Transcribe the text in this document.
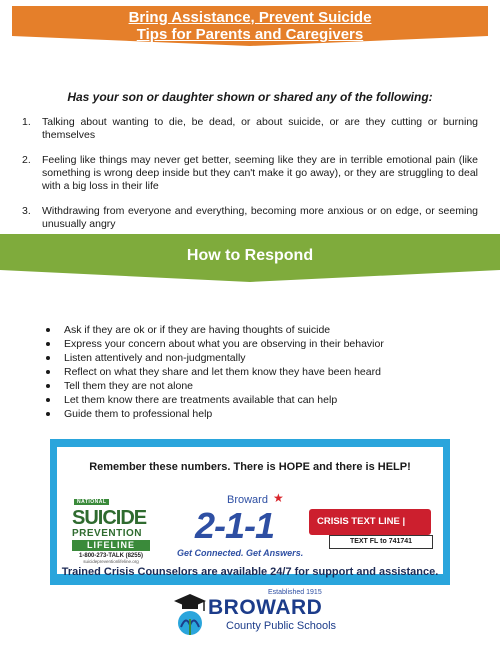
Bring Assistance, Prevent Suicide
Tips for Parents and Caregivers
Has your son or daughter shown or shared any of the following:
1.	Talking about wanting to die, be dead, or about suicide, or are they cutting or burning themselves
2.	Feeling like things may never get better, seeming like they are in terrible emotional pain (like something is wrong deep inside but they can't make it go away), or they are struggling to deal with a big loss in their life
3.	Withdrawing from everyone and everything, becoming more anxious or on edge, or seeming unusually angry
How to Respond
Ask if they are ok or if they are having thoughts of suicide
Express your concern about what you are observing in their behavior
Listen attentively and non-judgmentally
Reflect on what they share and let them know they have been heard
Tell them they are not alone
Let them know there are treatments available that can help
Guide them to professional help
Remember these numbers. There is HOPE and there is HELP!
NATIONAL
SUICIDE
PREVENTION
LIFELINE
1-800-273-TALK (8255)
suicidepreventionlifeline.org
Broward ★
2-1-1
Get Connected. Get Answers.
CRISIS TEXT LINE |
TEXT FL to 741741
Trained Crisis Counselors are available 24/7 for support and assistance.
Established 1915
BROWARD
County Public Schools
